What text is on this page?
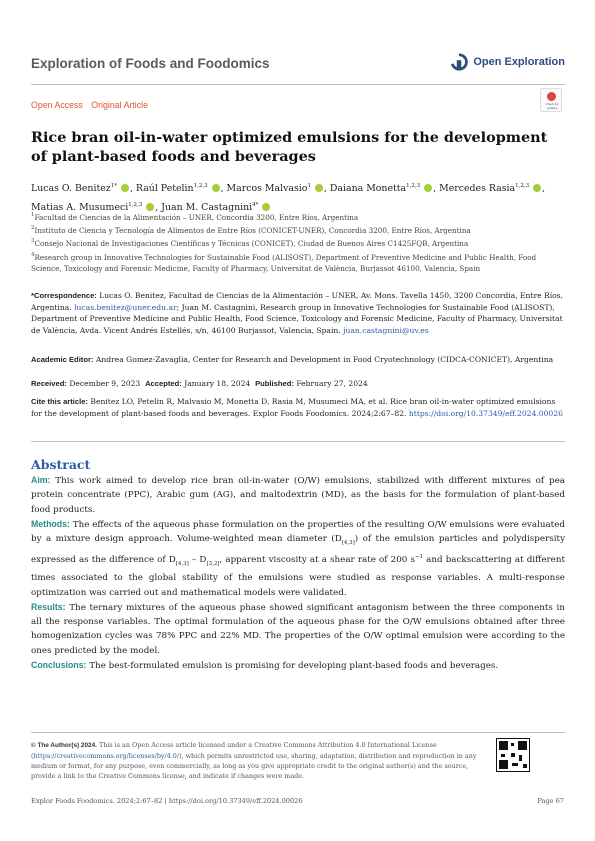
Exploration of Foods and Foodomics	Open Exploration
Open Access Original Article	Check for updates
Rice bran oil-in-water optimized emulsions for the development of plant-based foods and beverages
Lucas O. Benitez$^{1*}$ , Raúl Petelin$^{1,2,3}$ , Marcos Malvasio$^1$ , Daiana Monetta$^{1,2,3}$ , Mercedes Rasia$^{1,2,3}$ , Matias A. Musumeci$^{1,2,3}$ , Juan M. Castagnini$^{4*}$
$^1$Facultad de Ciencias de la Alimentación – UNER, Concordia 3200, Entre Ríos, Argentina
$^2$Instituto de Ciencia y Tecnología de Alimentos de Entre Ríos (CONICET-UNER), Concordia 3200, Entre Ríos, Argentina
$^3$Consejo Nacional de Investigaciones Científicas y Técnicas (CONICET), Ciudad de Buenos Aires C1425FQB, Argentina
$^4$Research group in Innovative Technologies for Sustainable Food (ALISOST), Department of Preventive Medicine and Public Health, Food Science, Toxicology and Forensic Medicine, Faculty of Pharmacy, Universitat de València, Burjassot 46100, Valencia, Spain
*Correspondence: Lucas O. Benitez, Facultad de Ciencias de la Alimentación – UNER, Av. Mons. Tavella 1450, 3200 Concordia, Entre Ríos, Argentina. lucas.benitez@uner.edu.ar; Juan M. Castagnini, Research group in Innovative Technologies for Sustainable Food (ALISOST), Department of Preventive Medicine and Public Health, Food Science, Toxicology and Forensic Medicine, Faculty of Pharmacy, Universitat de València, Avda. Vicent Andrés Estellés, s/n, 46100 Burjassot, Valencia, Spain. juan.castagnini@uv.es
Academic Editor: Andrea Gomez-Zavaglia, Center for Research and Development in Food Cryotechnology (CIDCA-CONICET), Argentina
Received: December 9, 2023 Accepted: January 18, 2024 Published: February 27, 2024
Cite this article: Benitez LO, Petelin R, Malvasio M, Monetta D, Rasia M, Musumeci MA, et al. Rice bran oil-in-water optimized emulsions for the development of plant-based foods and beverages. Explor Foods Foodomics. 2024;2:67–82. https://doi.org/10.37349/eff.2024.00026
Abstract

Aim: This work aimed to develop rice bran oil-in-water (O/W) emulsions, stabilized with different mixtures of pea protein concentrate (PPC), Arabic gum (AG), and maltodextrin (MD), as the basis for the formulation of plant-based food products.

Methods: The effects of the aqueous phase formulation on the properties of the resulting O/W emulsions were evaluated by a mixture design approach. Volume-weighted mean diameter $(D_{[4,3]})$ of the emulsion particles and polydispersity expressed as the difference of $D_{[4,3]} - D_{[3,2]}$, apparent viscosity at a shear rate of 200 $s^{-1}$ and backscattering at different times associated to the global stability of the emulsions were studied as response variables. A multi-response optimization was carried out and mathematical models were validated.

Results: The ternary mixtures of the aqueous phase showed significant antagonism between the three components in all the response variables. The optimal formulation of the aqueous phase for the O/W emulsions obtained after three homogenization cycles was 78% PPC and 22% MD. The properties of the O/W optimal emulsion were according to the ones predicted by the model.

Conclusions: The best-formulated emulsion is promising for developing plant-based foods and beverages.

© The Author(s) 2024. This is an Open Access article licensed under a Creative Commons Attribution 4.0 International License (https://creativecommons.org/licenses/by/4.0/), which permits unrestricted use, sharing, adaptation, distribution and reproduction in any medium or format, for any purpose, even commercially, as long as you give appropriate credit to the original author(s) and the source, provide a link to the Creative Commons license, and indicate if changes were made.
Explor Foods Foodomics. 2024;2:67–82 | https://doi.org/10.37349/eff.2024.00026	Page 67
